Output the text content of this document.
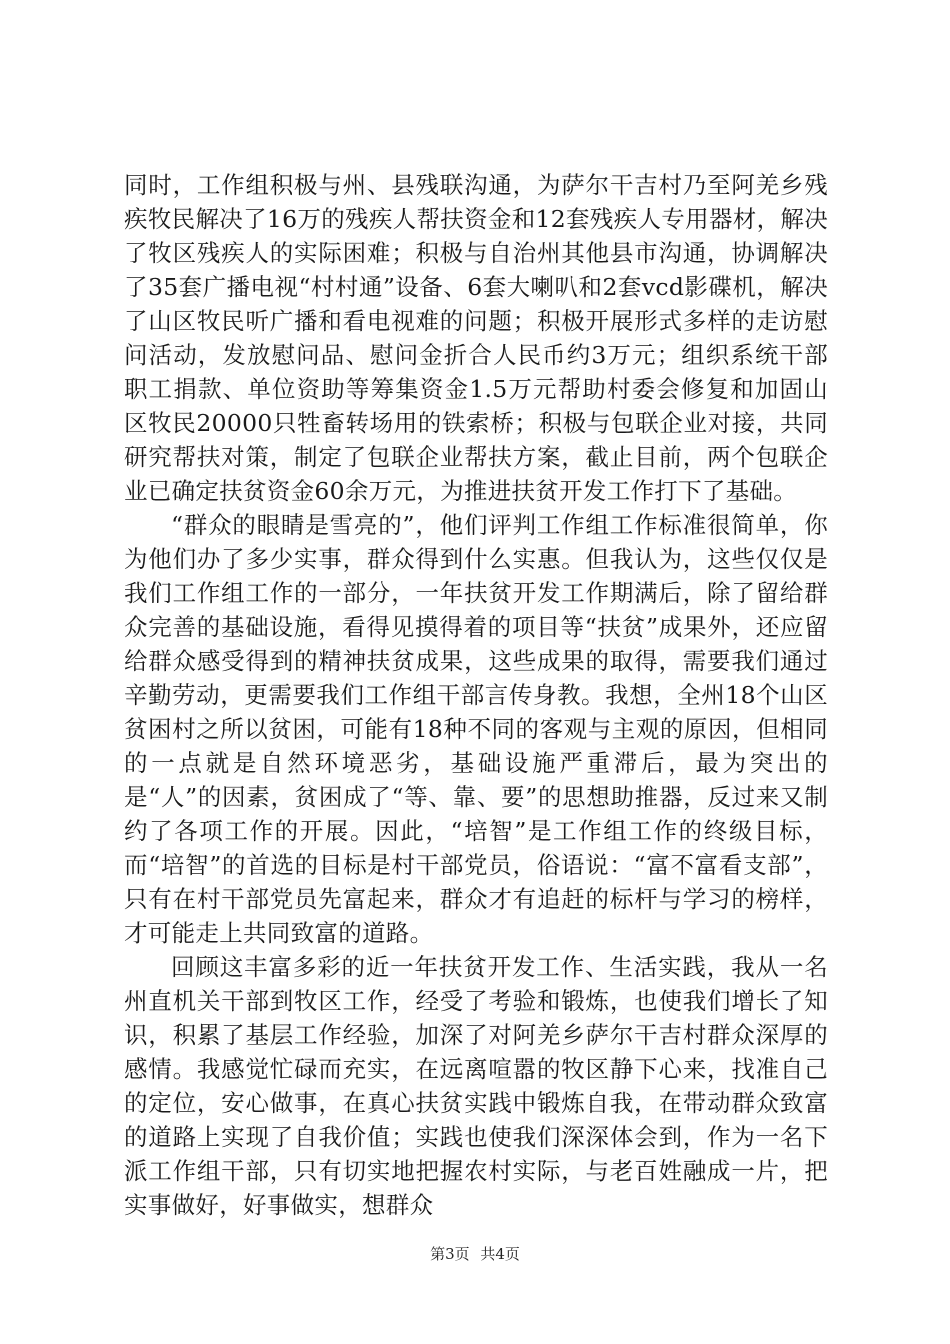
同时，工作组积极与州、县残联沟通，为萨尔干吉村乃至阿羌乡残疾牧民解决了16万的残疾人帮扶资金和12套残疾人专用器材，解决了牧区残疾人的实际困难；积极与自治州其他县市沟通，协调解决了35套广播电视“村村通”设备、6套大喇叭和2套vcd影碟机，解决了山区牧民听广播和看电视难的问题；积极开展形式多样的走访慰问活动，发放慰问品、慰问金折合人民币约3万元；组织系统干部职工捐款、单位资助等筹集资金1.5万元帮助村委会修复和加固山区牧民20000只牲畜转场用的铁索桥；积极与包联企业对接，共同研究帮扶对策，制定了包联企业帮扶方案，截止目前，两个包联企业已确定扶贫资金60余万元，为推进扶贫开发工作打下了基础。

“群众的眼睛是雪亮的”，他们评判工作组工作标准很简单，你为他们办了多少实事，群众得到什么实惠。但我认为，这些仅仅是我们工作组工作的一部分，一年扶贫开发工作期满后，除了留给群众完善的基础设施，看得见摸得着的项目等“扶贫”成果外，还应留给群众感受得到的精神扶贫成果，这些成果的取得，需要我们通过辛勤劳动，更需要我们工作组干部言传身教。我想，全州18个山区贫困村之所以贫困，可能有18种不同的客观与主观的原因，但相同的一点就是自然环境恶劣，基础设施严重滞后，最为突出的是“人”的因素，贫困成了“等、靠、要”的思想助推器，反过来又制约了各项工作的开展。因此，“培智”是工作组工作的终级目标，而“培智”的首选的目标是村干部党员，俗语说：“富不富看支部”，只有在村干部党员先富起来，群众才有追赶的标杆与学习的榜样，才可能走上共同致富的道路。

回顾这丰富多彩的近一年扶贫开发工作、生活实践，我从一名州直机关干部到牧区工作，经受了考验和锻炼，也使我们增长了知识，积累了基层工作经验，加深了对阿羌乡萨尔干吉村群众深厚的感情。我感觉忙碌而充实，在远离喧嚣的牧区静下心来，找准自己的定位，安心做事，在真心扶贫实践中锻炼自我，在带动群众致富的道路上实现了自我价值；实践也使我们深深体会到，作为一名下派工作组干部，只有切实地把握农村实际，与老百姓融成一片，把实事做好，好事做实，想群众

第3页 共4页
